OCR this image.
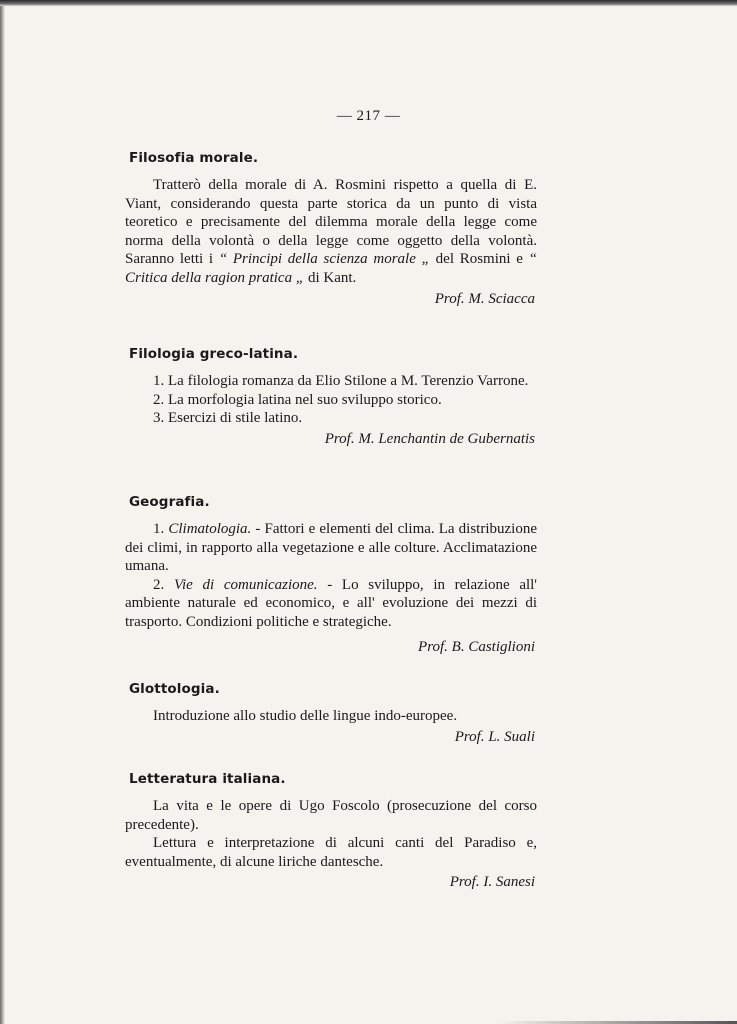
— 217 —
Filosofia morale.

Tratterò della morale di A. Rosmini rispetto a quella di E. Viant, considerando questa parte storica da un punto di vista teoretico e precisamente del dilemma morale della legge come norma della volontà o della legge come oggetto della volontà. Saranno letti i “ Principi della scienza morale „ del Rosmini e “ Critica della ragion pratica „ di Kant.

Prof. M. Sciacca
Filologia greco-latina.

1. La filologia romanza da Elio Stilone a M. Terenzio Varrone.

2. La morfologia latina nel suo sviluppo storico.

3. Esercizi di stile latino.

Prof. M. Lenchantin de Gubernatis
Geografia.

1. Climatologia. - Fattori e elementi del clima. La distribuzione dei climi, in rapporto alla vegetazione e alle colture. Acclimatazione umana.

2. Vie di comunicazione. - Lo sviluppo, in relazione all' ambiente naturale ed economico, e all' evoluzione dei mezzi di trasporto. Condizioni politiche e strategiche.

Prof. B. Castiglioni
Glottologia.

Introduzione allo studio delle lingue indo-europee.

Prof. L. Suali
Letteratura italiana.

La vita e le opere di Ugo Foscolo (prosecuzione del corso precedente).

Lettura e interpretazione di alcuni canti del Paradiso e, eventualmente, di alcune liriche dantesche.

Prof. I. Sanesi
